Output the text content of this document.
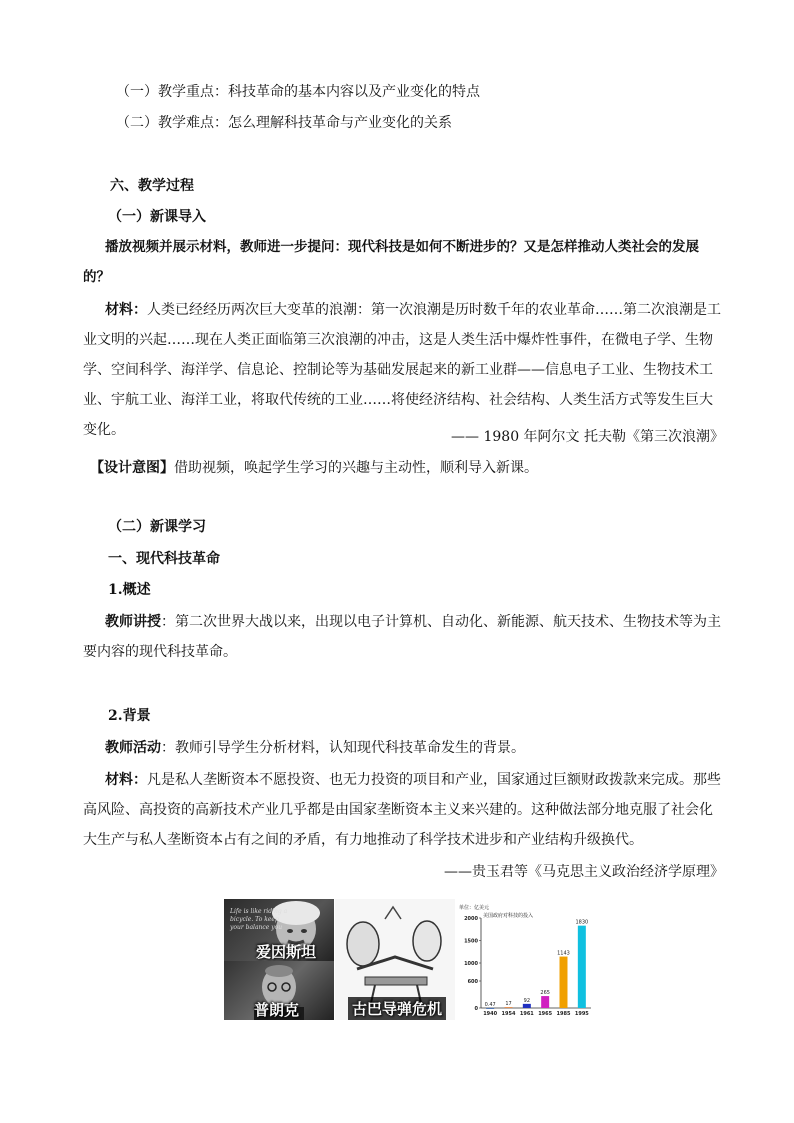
（一）教学重点：科技革命的基本内容以及产业变化的特点
（二）教学难点：怎么理解科技革命与产业变化的关系
六、教学过程
（一）新课导入
播放视频并展示材料，教师进一步提问：现代科技是如何不断进步的？又是怎样推动人类社会的发展
的？
材料：人类已经经历两次巨大变革的浪潮：第一次浪潮是历时数千年的农业革命……第二次浪潮是工业文明的兴起……现在人类正面临第三次浪潮的冲击，这是人类生活中爆炸性事件，在微电子学、生物学、空间科学、海洋学、信息论、控制论等为基础发展起来的新工业群——信息电子工业、生物技术工业、宇航工业、海洋工业，将取代传统的工业……将使经济结构、社会结构、人类生活方式等发生巨大变化。	—— 1980 年阿尔文 托夫勒《第三次浪潮》
【设计意图】借助视频，唤起学生学习的兴趣与主动性，顺利导入新课。
（二）新课学习
一、现代科技革命
1.概述
教师讲授：第二次世界大战以来，出现以电子计算机、自动化、新能源、航天技术、生物技术等为主要内容的现代科技革命。
2.背景
教师活动：教师引导学生分析材料，认知现代科技革命发生的背景。
材料：凡是私人垄断资本不愿投资、也无力投资的项目和产业，国家通过巨额财政拨款来完成。那些高风险、高投资的高新技术产业几乎都是由国家垄断资本主义来兴建的。这种做法部分地克服了社会化大生产与私人垄断资本占有之间的矛盾，有力地推动了科学技术进步和产业结构升级换代。
——贵玉君等《马克思主义政治经济学原理》
Life is like riding a
bicycle. To keep
your balance you
爱因斯坦
普朗克	古巴导弹危机
单位：亿美元
美国政府对科技的投入
0
600
1000
1500
2000
0.47
1940
17
1954
92
1961
265
1965
1143
1985
1830
1995
